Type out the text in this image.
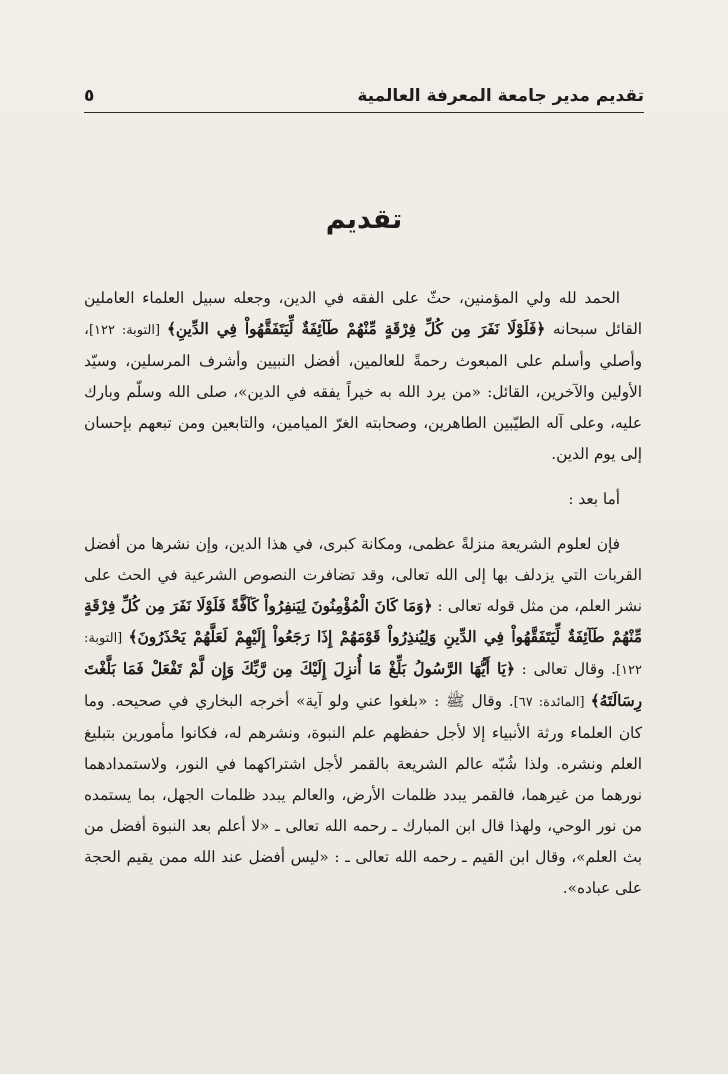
تقديم مدير جامعة المعرفة العالمية
٥
تقديم

الحمد لله ولي المؤمنين، حثّ على الفقه في الدين، وجعله سبيل العلماء العاملين القائل سبحانه ﴿فَلَوْلَا نَفَرَ مِن كُلِّ فِرْقَةٍ مِّنْهُمْ طَآئِفَةٌ لِّيَتَفَقَّهُواْ فِي الدِّينِ﴾ [التوبة: ١٢٢]، وأصلي وأسلم على المبعوث رحمةً للعالمين، أفضل النبيين وأشرف المرسلين، وسيّد الأولين والآخرين، القائل: «من يرد الله به خيراً يفقه في الدين»، صلى الله وسلّم وبارك عليه، وعلى آله الطيّبين الطاهرين، وصحابته الغرّ الميامين، والتابعين ومن تبعهم بإحسان إلى يوم الدين.

أما بعد :

فإن لعلوم الشريعة منزلةً عظمى، ومكانة كبرى، في هذا الدين، وإن نشرها من أفضل القربات التي يزدلف بها إلى الله تعالى، وقد تضافرت النصوص الشرعية في الحث على نشر العلم، من مثل قوله تعالى : ﴿وَمَا كَانَ الْمُؤْمِنُونَ لِيَنفِرُواْ كَآفَّةً فَلَوْلَا نَفَرَ مِن كُلِّ فِرْقَةٍ مِّنْهُمْ طَآئِفَةٌ لِّيَتَفَقَّهُواْ فِي الدِّينِ وَلِيُنذِرُواْ قَوْمَهُمْ إِذَا رَجَعُواْ إِلَيْهِمْ لَعَلَّهُمْ يَحْذَرُونَ﴾ [التوبة: ١٢٢]. وقال تعالى : ﴿يَا أَيُّهَا الرَّسُولُ بَلِّغْ مَا أُنزِلَ إِلَيْكَ مِن رَّبِّكَ وَإِن لَّمْ تَفْعَلْ فَمَا بَلَّغْتَ رِسَالَتَهُ﴾ [المائدة: ٦٧]. وقال ﷺ : «بلغوا عني ولو آية» أخرجه البخاري في صحيحه. وما كان العلماء ورثة الأنبياء إلا لأجل حفظهم علم النبوة، ونشرهم له، فكانوا مأمورين بتبليغ العلم ونشره. ولذا شُبّه عالم الشريعة بالقمر لأجل اشتراكهما في النور، ولاستمدادهما نورهما من غيرهما، فالقمر يبدد ظلمات الأرض، والعالم يبدد ظلمات الجهل، بما يستمده من نور الوحي، ولهذا قال ابن المبارك ـ رحمه الله تعالى ـ «لا أعلم بعد النبوة أفضل من بث العلم»، وقال ابن القيم ـ رحمه الله تعالى ـ : «ليس أفضل عند الله ممن يقيم الحجة على عباده».
